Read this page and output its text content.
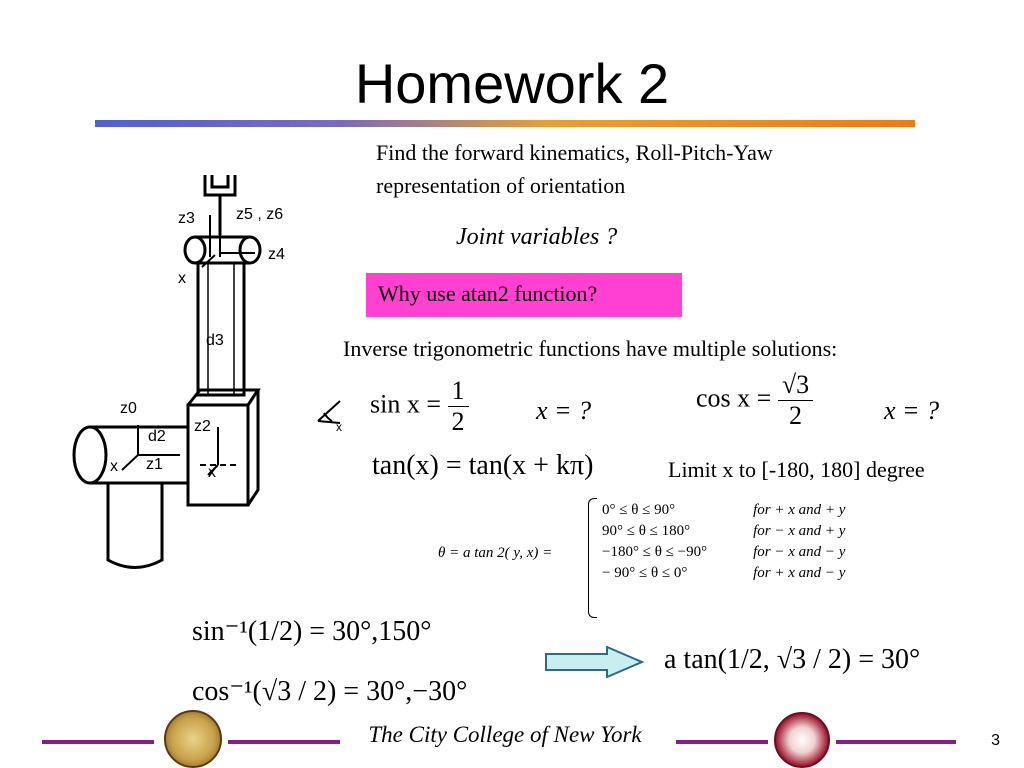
Homework 2
Find the forward kinematics, Roll-Pitch-Yaw
representation of orientation
Joint variables ?
Why use atan2 function?
Inverse trigonometric functions have multiple solutions:
z3	z5 , z6
z4
x
d3
z0
d2
z2
z1
x	x
x
$\sin x = \frac{1}{2}$	x = ?	$\cos x = \frac{√3}{2}$	x = ?
tan(x) = tan(x + kπ)	Limit x to [-180, 180] degree
θ = a tan 2( y, x) =
0° ≤ θ ≤ 90°	for + x and + y
90° ≤ θ ≤ 180°	for − x and + y
−180° ≤ θ ≤ −90°	for − x and − y
− 90° ≤ θ ≤ 0°	for + x and − y
sin⁻¹(1/2) = 30°,150°
cos⁻¹(√3 / 2) = 30°,−30°
a tan(1/2, √3 / 2) = 30°
The City College of New York	3
